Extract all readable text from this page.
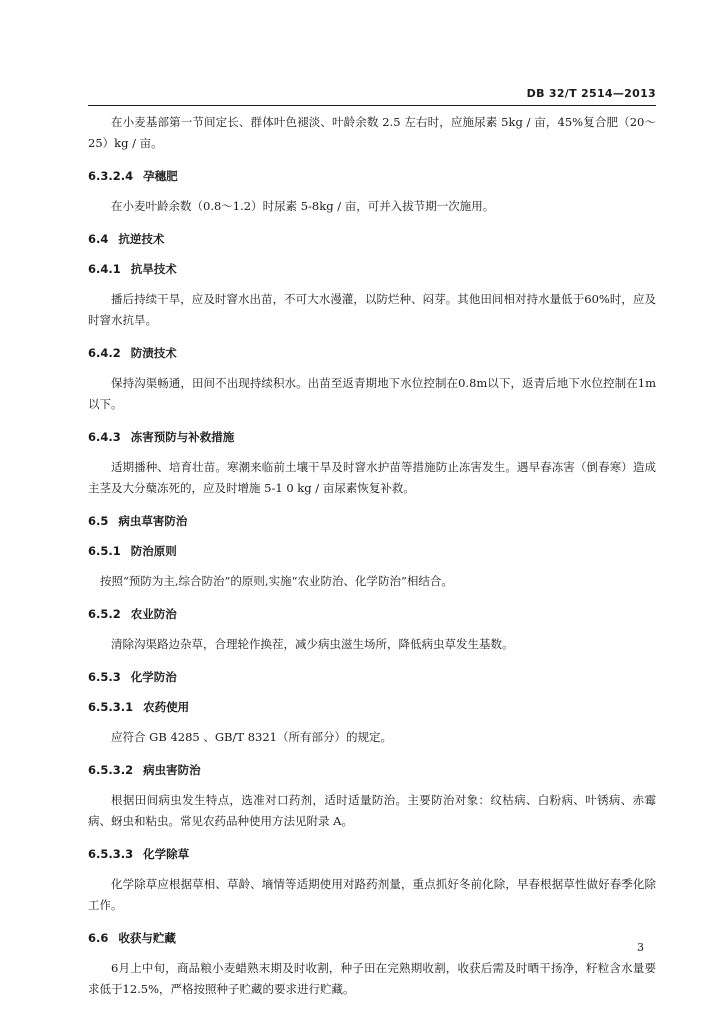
DB 32/T 2514—2013

在小麦基部第一节间定长、群体叶色褪淡、叶龄余数 2.5 左右时，应施尿素 5kg / 亩，45%复合肥（20～25）kg / 亩。

6.3.2.4 孕穗肥

在小麦叶龄余数（0.8～1.2）时尿素 5-8kg / 亩，可并入拔节期一次施用。

6.4 抗逆技术
6.4.1 抗旱技术

播后持续干旱，应及时窨水出苗，不可大水漫灌，以防烂种、闷芽。其他田间相对持水量低于60%时，应及时窨水抗旱。

6.4.2 防渍技术

保持沟渠畅通，田间不出现持续积水。出苗至返青期地下水位控制在0.8m以下，返青后地下水位控制在1m以下。

6.4.3 冻害预防与补救措施

适期播种、培育壮苗。寒潮来临前土壤干旱及时窨水护苗等措施防止冻害发生。遇早春冻害（倒春寒）造成主茎及大分蘖冻死的，应及时增施 5-1 0 kg / 亩尿素恢复补救。

6.5 病虫草害防治
6.5.1 防治原则

按照“预防为主,综合防治”的原则,实施“农业防治、化学防治”相结合。

6.5.2 农业防治

清除沟渠路边杂草，合理轮作换茬，减少病虫滋生场所，降低病虫草发生基数。

6.5.3 化学防治
6.5.3.1 农药使用

应符合 GB 4285 、GB/T 8321（所有部分）的规定。

6.5.3.2 病虫害防治

根据田间病虫发生特点，选准对口药剂，适时适量防治。主要防治对象：纹枯病、白粉病、叶锈病、赤霉病、蚜虫和粘虫。常见农药品种使用方法见附录 A。

6.5.3.3 化学除草

化学除草应根据草相、草龄、墒情等适期使用对路药剂量，重点抓好冬前化除，早春根据草性做好春季化除工作。

6.6 收获与贮藏

6月上中旬，商品粮小麦蜡熟末期及时收割，种子田在完熟期收割，收获后需及时晒干扬净，籽粒含水量要求低于12.5%，严格按照种子贮藏的要求进行贮藏。

3
